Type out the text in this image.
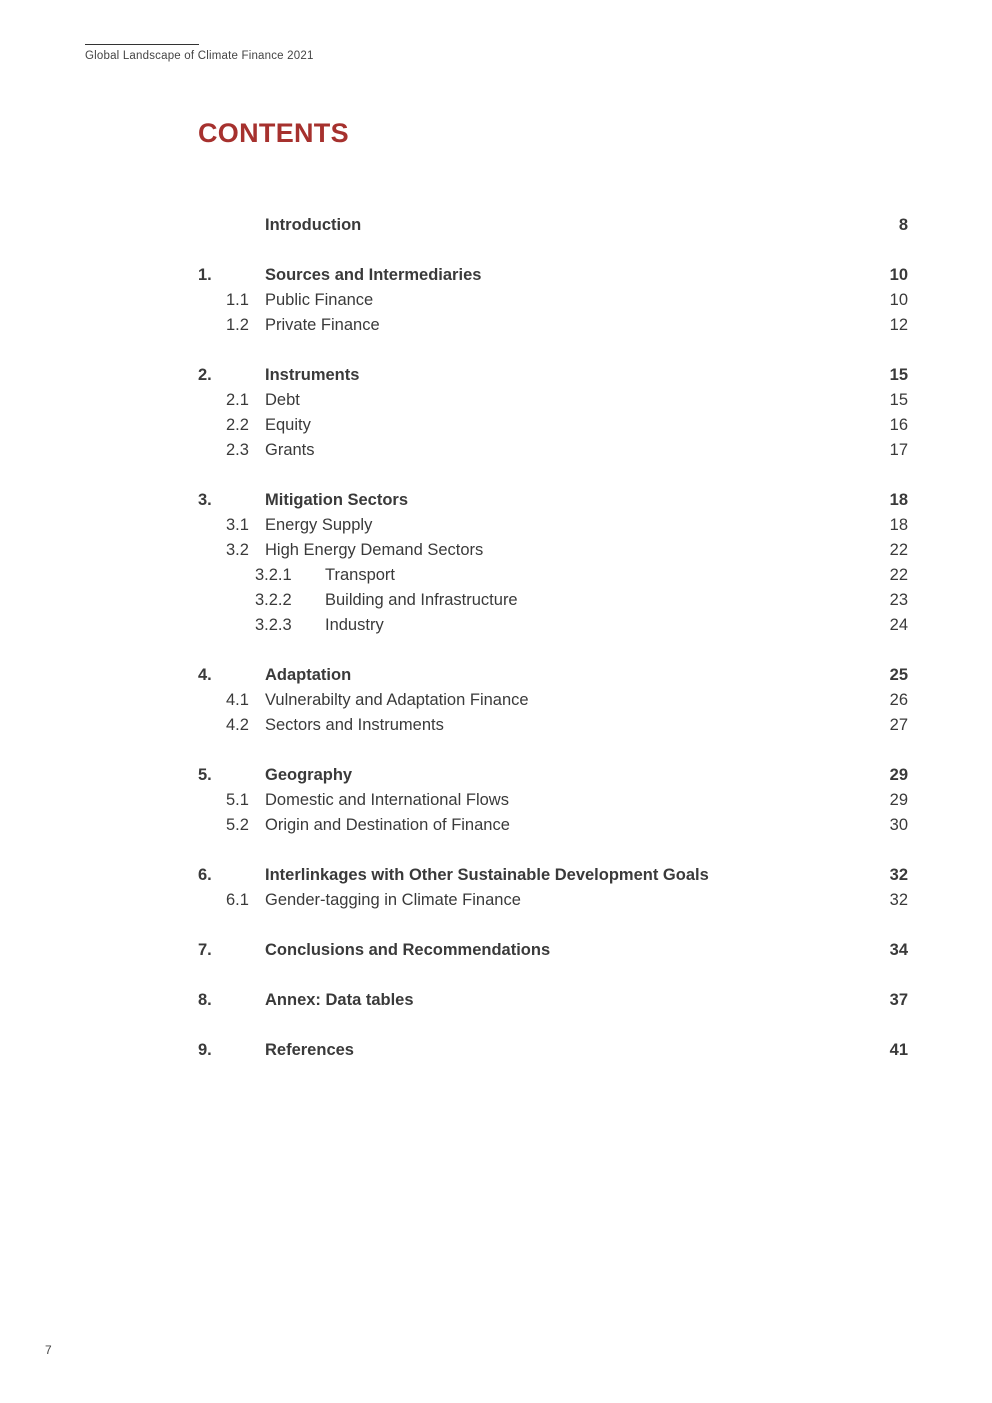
Global Landscape of Climate Finance 2021
CONTENTS
Introduction	8
1.	Sources and Intermediaries	10
1.1 Public Finance	10
1.2 Private Finance	12
2.	Instruments	15
2.1 Debt	15
2.2 Equity	16
2.3 Grants	17
3.	Mitigation Sectors	18
3.1 Energy Supply	18
3.2 High Energy Demand Sectors	22
3.2.1 Transport	22
3.2.2 Building and Infrastructure	23
3.2.3 Industry	24
4.	Adaptation	25
4.1 Vulnerabilty and Adaptation Finance	26
4.2 Sectors and Instruments	27
5.	Geography	29
5.1 Domestic and International Flows	29
5.2 Origin and Destination of Finance	30
6.	Interlinkages with Other Sustainable Development Goals	32
6.1 Gender-tagging in Climate Finance	32
7.	Conclusions and Recommendations	34
8.	Annex: Data tables	37
9.	References	41
7
